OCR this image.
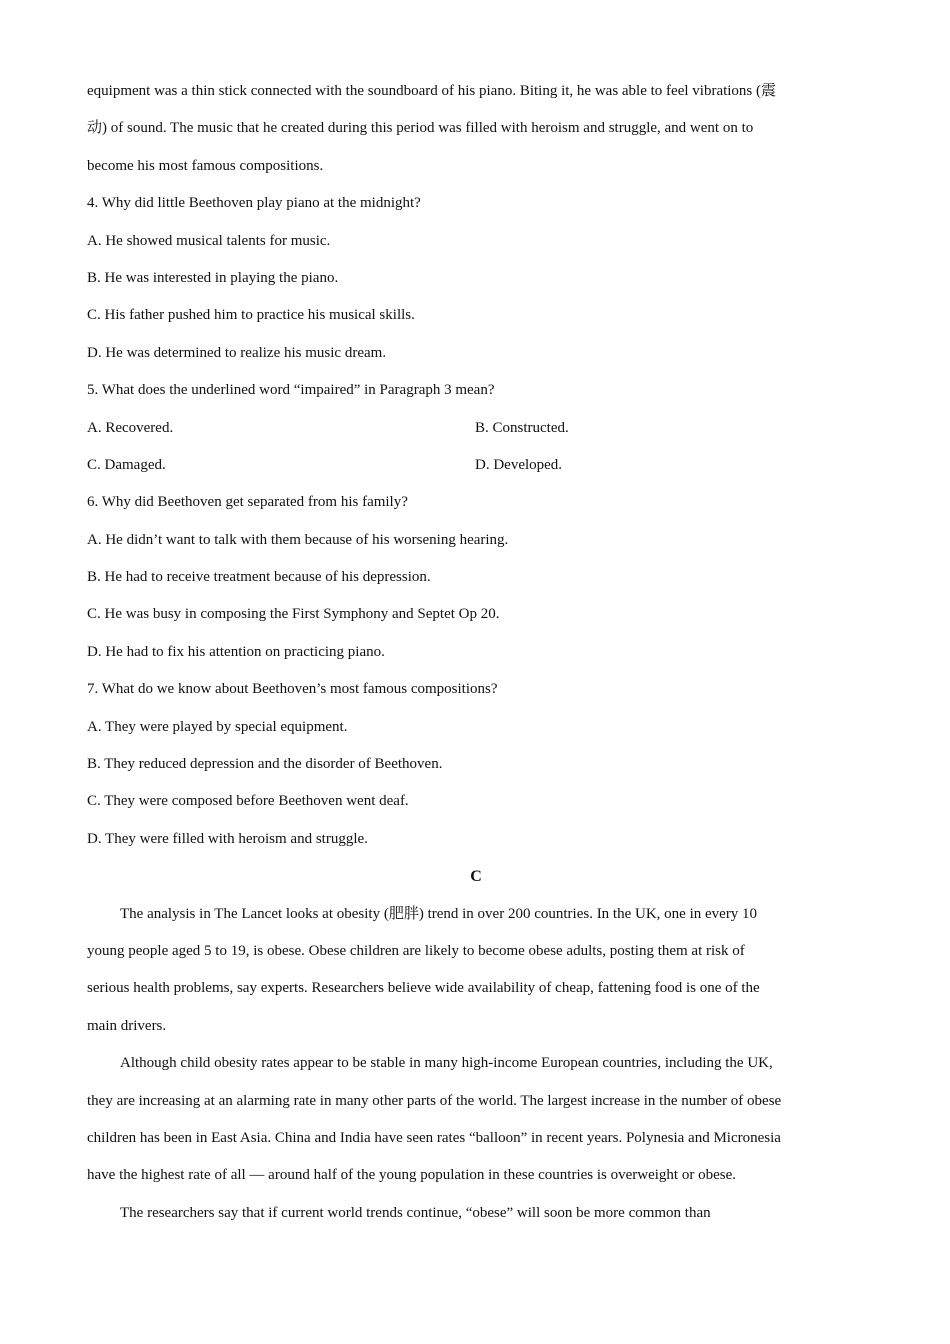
equipment was a thin stick connected with the soundboard of his piano. Biting it, he was able to feel vibrations (震
动) of sound. The music that he created during this period was filled with heroism and struggle, and went on to
become his most famous compositions.
4. Why did little Beethoven play piano at the midnight?
A. He showed musical talents for music.
B. He was interested in playing the piano.
C. His father pushed him to practice his musical skills.
D. He was determined to realize his music dream.
5. What does the underlined word “impaired” in Paragraph 3 mean?
A. Recovered.	B. Constructed.
C. Damaged.	D. Developed.
6. Why did Beethoven get separated from his family?
A. He didn’t want to talk with them because of his worsening hearing.
B. He had to receive treatment because of his depression.
C. He was busy in composing the First Symphony and Septet Op 20.
D. He had to fix his attention on practicing piano.
7. What do we know about Beethoven’s most famous compositions?
A. They were played by special equipment.
B. They reduced depression and the disorder of Beethoven.
C. They were composed before Beethoven went deaf.
D. They were filled with heroism and struggle.
C
The analysis in The Lancet looks at obesity (肥胖) trend in over 200 countries. In the UK, one in every 10
young people aged 5 to 19, is obese. Obese children are likely to become obese adults, posting them at risk of
serious health problems, say experts. Researchers believe wide availability of cheap, fattening food is one of the
main drivers.
Although child obesity rates appear to be stable in many high-income European countries, including the UK,
they are increasing at an alarming rate in many other parts of the world. The largest increase in the number of obese
children has been in East Asia. China and India have seen rates “balloon” in recent years. Polynesia and Micronesia
have the highest rate of all — around half of the young population in these countries is overweight or obese.
The researchers say that if current world trends continue, “obese” will soon be more common than
